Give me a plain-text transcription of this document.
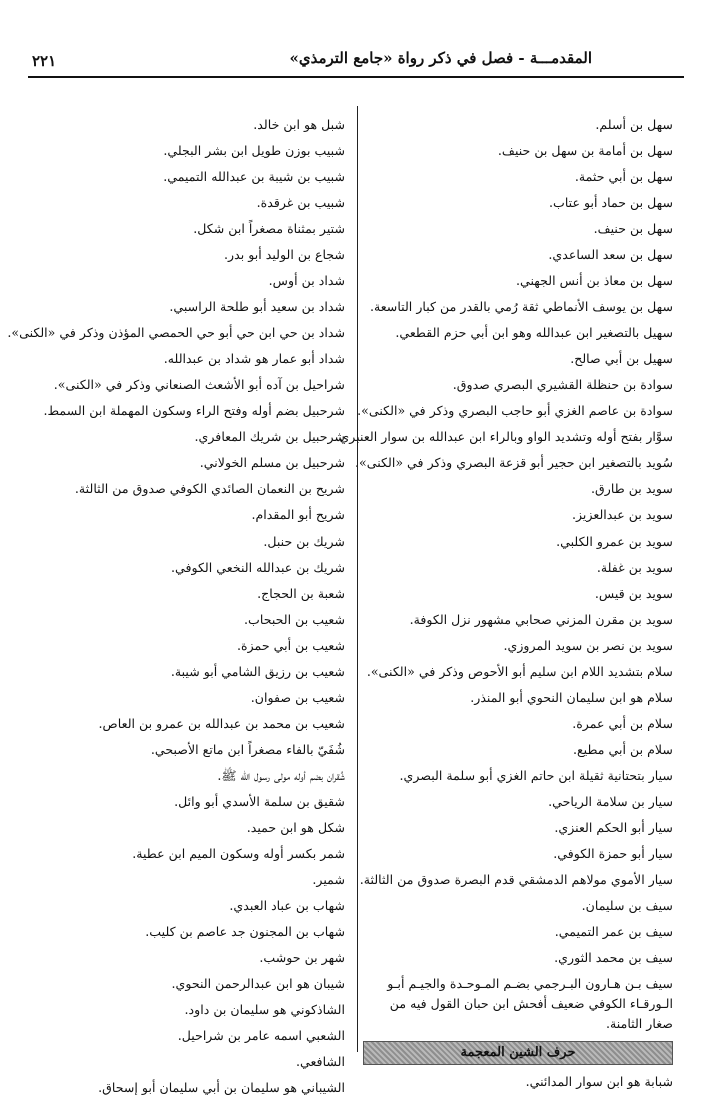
٢٢١	المقدمـــة - فصل في ذكر رواة «جامع الترمذي»
سهل بن أسلم.
سهل بن أمامة بن سهل بن حنيف.
سهل بن أبي حثمة.
سهل بن حماد أبو عتاب.
سهل بن حنيف.
سهل بن سعد الساعدي.
سهل بن معاذ بن أنس الجهني.
سهل بن يوسف الأنماطي ثقة رُمي بالقدر من كبار التاسعة.
سهيل بالتصغير ابن عبدالله وهو ابن أبي حزم القطعي.
سهيل بن أبي صالح.
سوادة بن حنظلة القشيري البصري صدوق.
سوادة بن عاصم الغزي أبو حاجب البصري وذكر في «الكنى».
سوَّار بفتح أوله وتشديد الواو وبالراء ابن عبدالله بن سوار العنبري.
سُويد بالتصغير ابن حجير أبو قزعة البصري وذكر في «الكنى».
سويد بن طارق.
سويد بن عبدالعزيز.
سويد بن عمرو الكلبي.
سويد بن غفلة.
سويد بن قيس.
سويد بن مقرن المزني صحابي مشهور نزل الكوفة.
سويد بن نصر بن سويد المروزي.
سلام بتشديد اللام ابن سليم أبو الأحوص وذكر في «الكنى».
سلام هو ابن سليمان النحوي أبو المنذر.
سلام بن أبي عمرة.
سلام بن أبي مطيع.
سيار بتحتانية ثقيلة ابن حاتم الغزي أبو سلمة البصري.
سيار بن سلامة الرياحي.
سيار أبو الحكم العنزي.
سيار أبو حمزة الكوفي.
سيار الأموي مولاهم الدمشقي قدم البصرة صدوق من الثالثة.
سيف بن سليمان.
سيف بن عمر التميمي.
سيف بن محمد الثوري.
سيف بـن هـارون البـرجمي بضـم المـوحـدة والجيـم أبـو الـورقـاء الكوفي ضعيف أفحش ابن حبان القول فيه من صغار الثامنة.
حرف الشين المعجمة
شبابة هو ابن سوار المدائني.
شبل هو ابن خالد.
شبيب بوزن طويل ابن بشر البجلي.
شبيب بن شيبة بن عبدالله التميمي.
شبيب بن غرقدة.
شتير بمثناة مصغراً ابن شكل.
شجاع بن الوليد أبو بدر.
شداد بن أوس.
شداد بن سعيد أبو طلحة الراسبي.
شداد بن حي ابن حي أبو حي الحمصي المؤذن وذكر في «الكنى».
شداد أبو عمار هو شداد بن عبدالله.
شراحيل بن آده أبو الأشعث الصنعاني وذكر في «الكنى».
شرحبيل بضم أوله وفتح الراء وسكون المهملة ابن السمط.
شرحبيل بن شريك المعافري.
شرحبيل بن مسلم الخولاني.
شريح بن النعمان الصائدي الكوفي صدوق من الثالثة.
شريح أبو المقدام.
شريك بن حنبل.
شريك بن عبدالله النخعي الكوفي.
شعبة بن الحجاج.
شعيب بن الحبحاب.
شعيب بن أبي حمزة.
شعيب بن رزيق الشامي أبو شيبة.
شعيب بن صفوان.
شعيب بن محمد بن عبدالله بن عمرو بن العاص.
شُفَيّ بالفاء مصغراً ابن ماتع الأصبحي.
شُقران بضم أوله مولى رسول الله ﷺ.
شقيق بن سلمة الأسدي أبو وائل.
شكل هو ابن حميد.
شمر بكسر أوله وسكون الميم ابن عطية.
شمير.
شهاب بن عباد العبدي.
شهاب بن المجنون جد عاصم بن كليب.
شهر بن حوشب.
شيبان هو ابن عبدالرحمن النحوي.
الشاذكوني هو سليمان بن داود.
الشعبي اسمه عامر بن شراحيل.
الشافعي.
الشيباني هو سليمان بن أبي سليمان أبو إسحاق.
